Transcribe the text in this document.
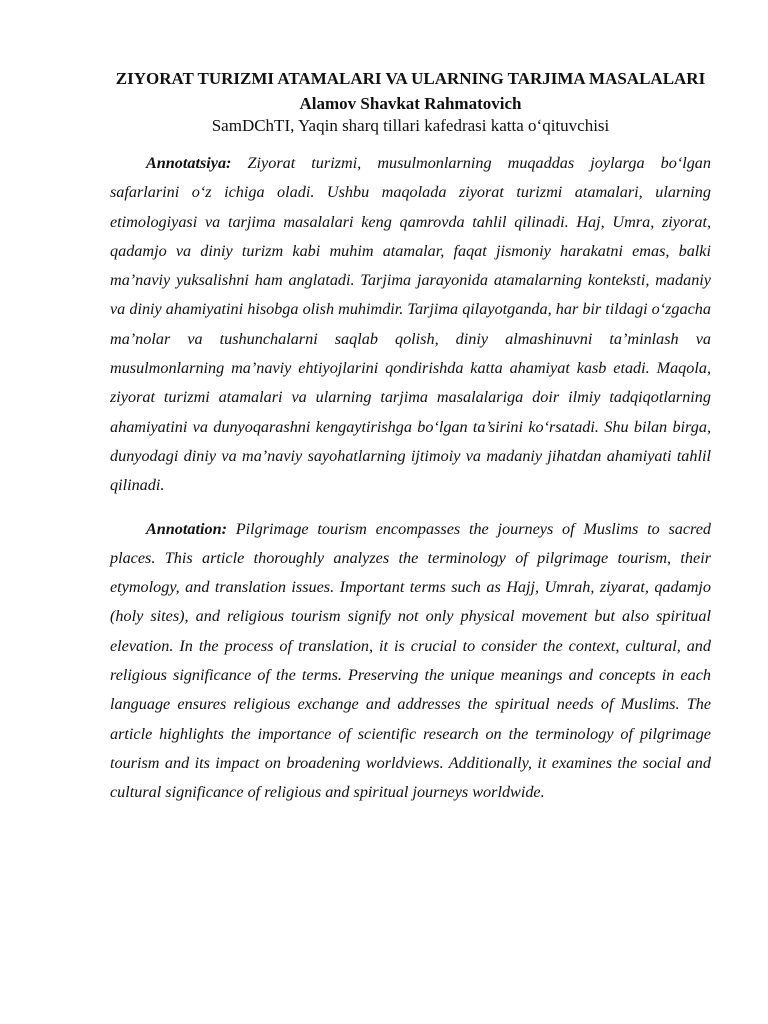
ZIYORAT TURIZMI ATAMALARI VA ULARNING TARJIMA MASALALARI

Alamov Shavkat Rahmatovich

SamDChTI, Yaqin sharq tillari kafedrasi katta o‘qituvchisi

Annotatsiya: Ziyorat turizmi, musulmonlarning muqaddas joylarga bo‘lgan safarlarini o‘z ichiga oladi. Ushbu maqolada ziyorat turizmi atamalari, ularning etimologiyasi va tarjima masalalari keng qamrovda tahlil qilinadi. Haj, Umra, ziyorat, qadamjo va diniy turizm kabi muhim atamalar, faqat jismoniy harakatni emas, balki ma’naviy yuksalishni ham anglatadi. Tarjima jarayonida atamalarning konteksti, madaniy va diniy ahamiyatini hisobga olish muhimdir. Tarjima qilayotganda, har bir tildagi o‘zgacha ma’nolar va tushunchalarni saqlab qolish, diniy almashinuvni ta’minlash va musulmonlarning ma’naviy ehtiyojlarini qondirishda katta ahamiyat kasb etadi. Maqola, ziyorat turizmi atamalari va ularning tarjima masalalariga doir ilmiy tadqiqotlarning ahamiyatini va dunyoqarashni kengaytirishga bo‘lgan ta’sirini ko‘rsatadi. Shu bilan birga, dunyodagi diniy va ma’naviy sayohatlarning ijtimoiy va madaniy jihatdan ahamiyati tahlil qilinadi.

Annotation: Pilgrimage tourism encompasses the journeys of Muslims to sacred places. This article thoroughly analyzes the terminology of pilgrimage tourism, their etymology, and translation issues. Important terms such as Hajj, Umrah, ziyarat, qadamjo (holy sites), and religious tourism signify not only physical movement but also spiritual elevation. In the process of translation, it is crucial to consider the context, cultural, and religious significance of the terms. Preserving the unique meanings and concepts in each language ensures religious exchange and addresses the spiritual needs of Muslims. The article highlights the importance of scientific research on the terminology of pilgrimage tourism and its impact on broadening worldviews. Additionally, it examines the social and cultural significance of religious and spiritual journeys worldwide.
